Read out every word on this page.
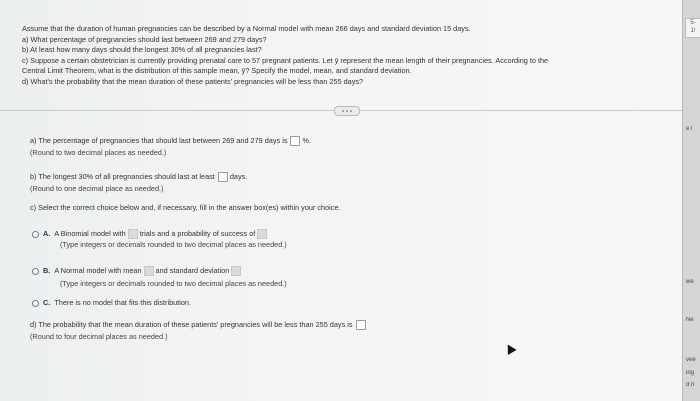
Assume that the duration of human pregnancies can be described by a Normal model with mean 266 days and standard deviation 15 days.
a) What percentage of pregnancies should last between 269 and 279 days?
b) At least how many days should the longest 30% of all pregnancies last?
c) Suppose a certain obstetrician is currently providing prenatal care to 57 pregnant patients. Let ȳ represent the mean length of their pregnancies. According to the
Central Limit Theorem, what is the distribution of this sample mean, ȳ? Specify the model, mean, and standard deviation.
d) What's the probability that the mean duration of these patients' pregnancies will be less than 255 days?
a) The percentage of pregnancies that should last between 269 and 279 days is %.
(Round to two decimal places as needed.)
b) The longest 30% of all pregnancies should last at least days.
(Round to one decimal place as needed.)
c) Select the correct choice below and, if necessary, fill in the answer box(es) within your choice.
A. A Binomial model with trials and a probability of success of
(Type integers or decimals rounded to two decimal places as needed.)
B. A Normal model with mean and standard deviation
(Type integers or decimals rounded to two decimal places as needed.)
C. There is no model that fits this distribution.
d) The probability that the mean duration of these patients' pregnancies will be less than 255 days is
(Round to four decimal places as needed.)
5-
1!
e l
we
Ne
vee
ing
d n
